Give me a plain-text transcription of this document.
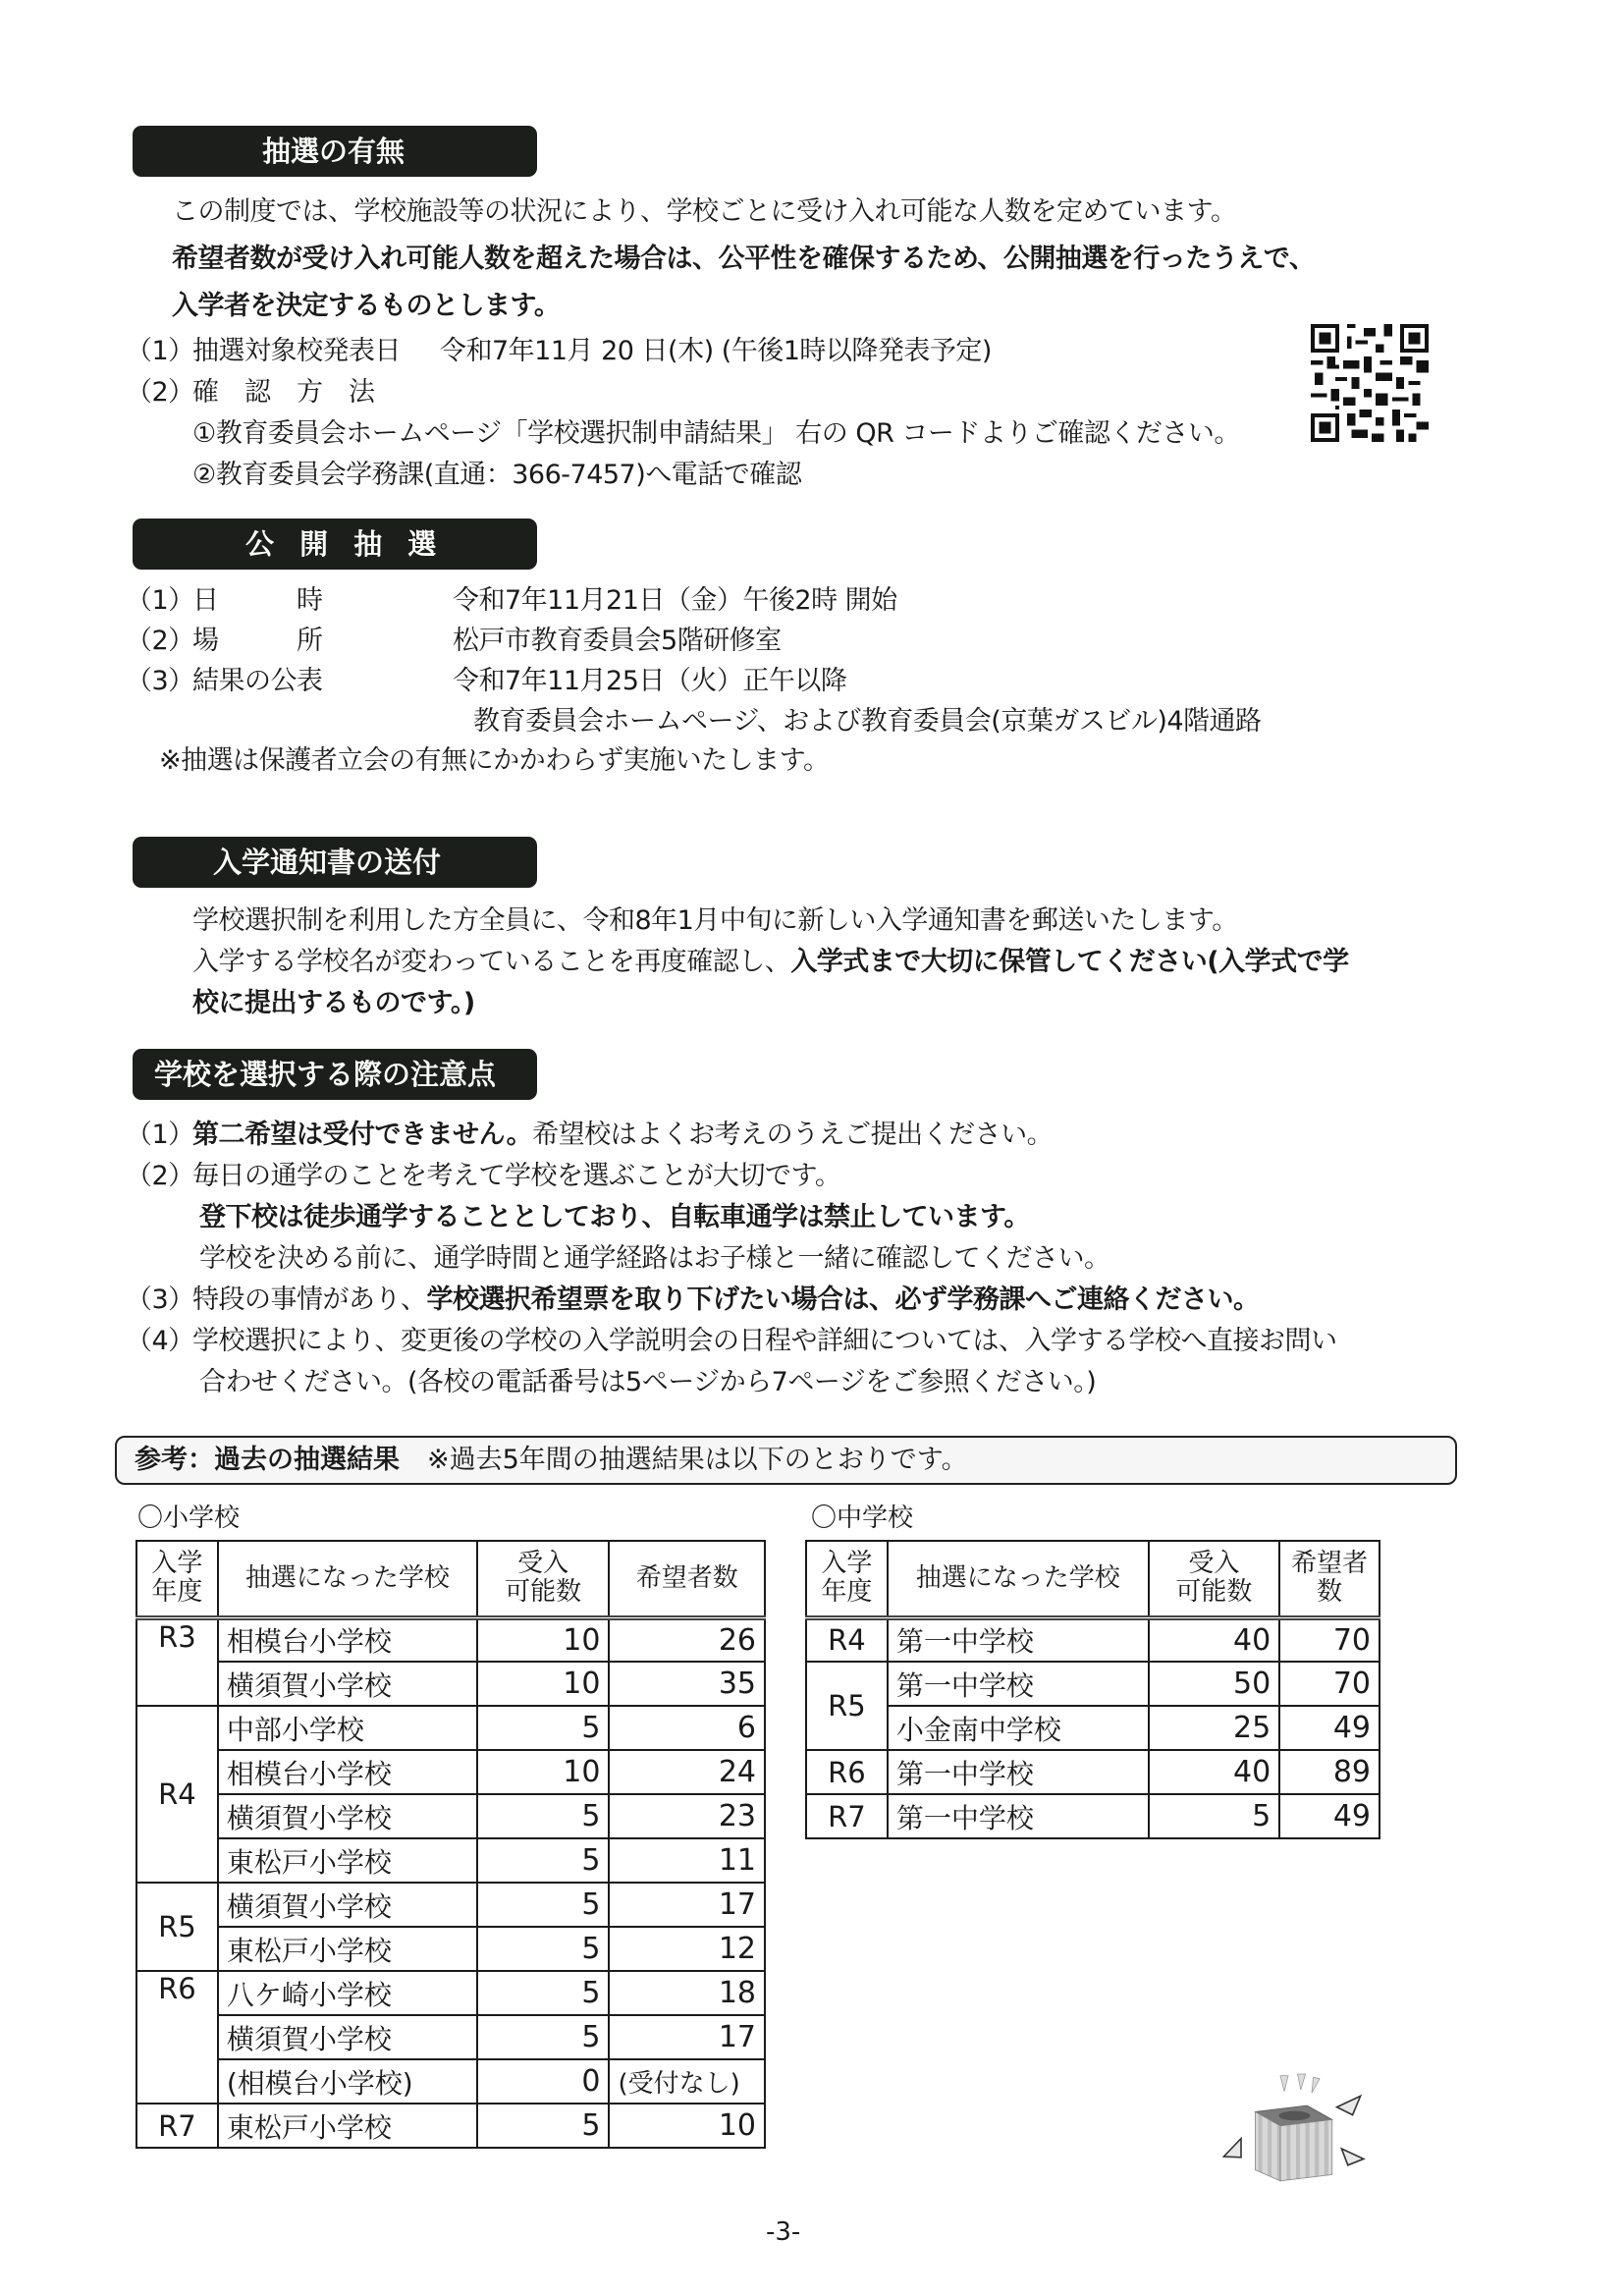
抽選の有無
この制度では、学校施設等の状況により、学校ごとに受け入れ可能な人数を定めています。
希望者数が受け入れ可能人数を超えた場合は、公平性を確保するため、公開抽選を行ったうえで、
入学者を決定するものとします。
（1）抽選対象校発表日 令和7年11月 20 日(木) (午後1時以降発表予定)
（2）確　認　方　法
①教育委員会ホームページ「学校選択制申請結果」 右の QR コードよりご確認ください。
②教育委員会学務課(直通：366-7457)へ電話で確認
公 開 抽 選
（1）日　　　時	令和7年11月21日（金）午後2時 開始
（2）場　　　所	松戸市教育委員会5階研修室
（3）結果の公表	令和7年11月25日（火）正午以降
教育委員会ホームページ、および教育委員会(京葉ガスビル)4階通路
※抽選は保護者立会の有無にかかわらず実施いたします。
入学通知書の送付
学校選択制を利用した方全員に、令和8年1月中旬に新しい入学通知書を郵送いたします。
入学する学校名が変わっていることを再度確認し、入学式まで大切に保管してください(入学式で学
校に提出するものです。)
学校を選択する際の注意点
（1）第二希望は受付できません。希望校はよくお考えのうえご提出ください。
（2）毎日の通学のことを考えて学校を選ぶことが大切です。
登下校は徒歩通学することとしており、自転車通学は禁止しています。
学校を決める前に、通学時間と通学経路はお子様と一緒に確認してください。
（3）特段の事情があり、学校選択希望票を取り下げたい場合は、必ず学務課へご連絡ください。
（4）学校選択により、変更後の学校の入学説明会の日程や詳細については、入学する学校へ直接お問い
合わせください。(各校の電話番号は5ページから7ページをご参照ください。)
参考：過去の抽選結果 ※過去5年間の抽選結果は以下のとおりです。
〇小学校
入学
年度	抽選になった学校	受入
可能数	希望者数
R3	相模台小学校	10	26
	横須賀小学校	10	35
R4	中部小学校	5	6
	相模台小学校	10	24
	横須賀小学校	5	23
	東松戸小学校	5	11
R5	横須賀小学校	5	17
	東松戸小学校	5	12
R6	八ケ崎小学校	5	18
	横須賀小学校	5	17
	(相模台小学校)	0	(受付なし)
R7	東松戸小学校	5	10
〇中学校
入学
年度	抽選になった学校	受入
可能数	希望者
数
R4	第一中学校	40	70
R5	第一中学校	50	70
	小金南中学校	25	49
R6	第一中学校	40	89
R7	第一中学校	5	49
-3-
